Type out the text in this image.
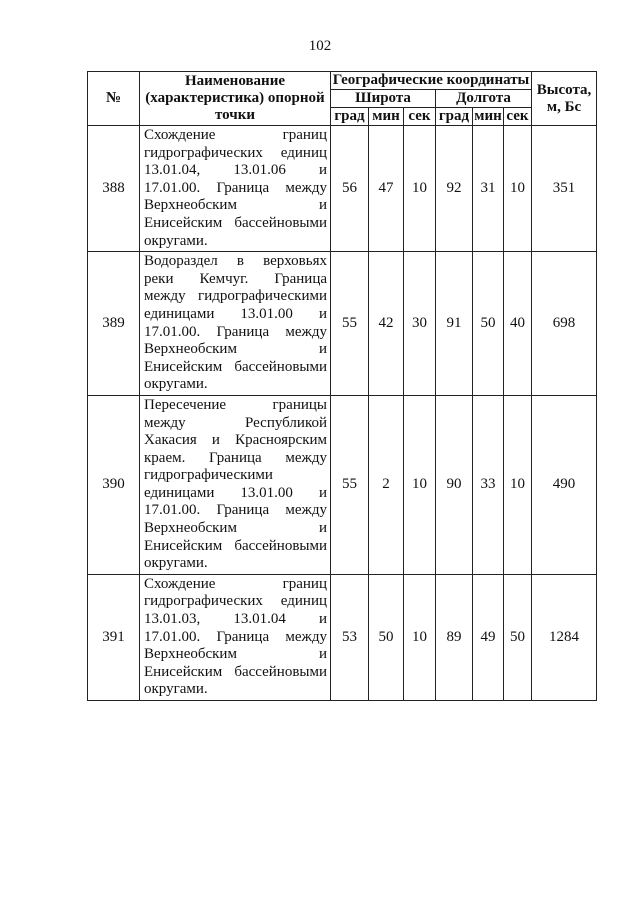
102
№	Наименование (характеристика) опорной точки	Географические координаты						Высота, м, Бс
		Широта			Долгота			
		град	мин	сек	град	мин	сек	
388	Схождение границ гидрографических единиц 13.01.04, 13.01.06 и 17.01.00. Граница между Верхнеобским и Енисейским бассейновыми округами.	56	47	10	92	31	10	351
389	Водораздел в верховьях реки Кемчуг. Граница между гидрографическими единицами 13.01.00 и 17.01.00. Граница между Верхнеобским и Енисейским бассейновыми округами.	55	42	30	91	50	40	698
390	Пересечение границы между Республикой Хакасия и Красноярским краем. Граница между гидрографическими единицами 13.01.00 и 17.01.00. Граница между Верхнеобским и Енисейским бассейновыми округами.	55	2	10	90	33	10	490
391	Схождение границ гидрографических единиц 13.01.03, 13.01.04 и 17.01.00. Граница между Верхнеобским и Енисейским бассейновыми округами.	53	50	10	89	49	50	1284
